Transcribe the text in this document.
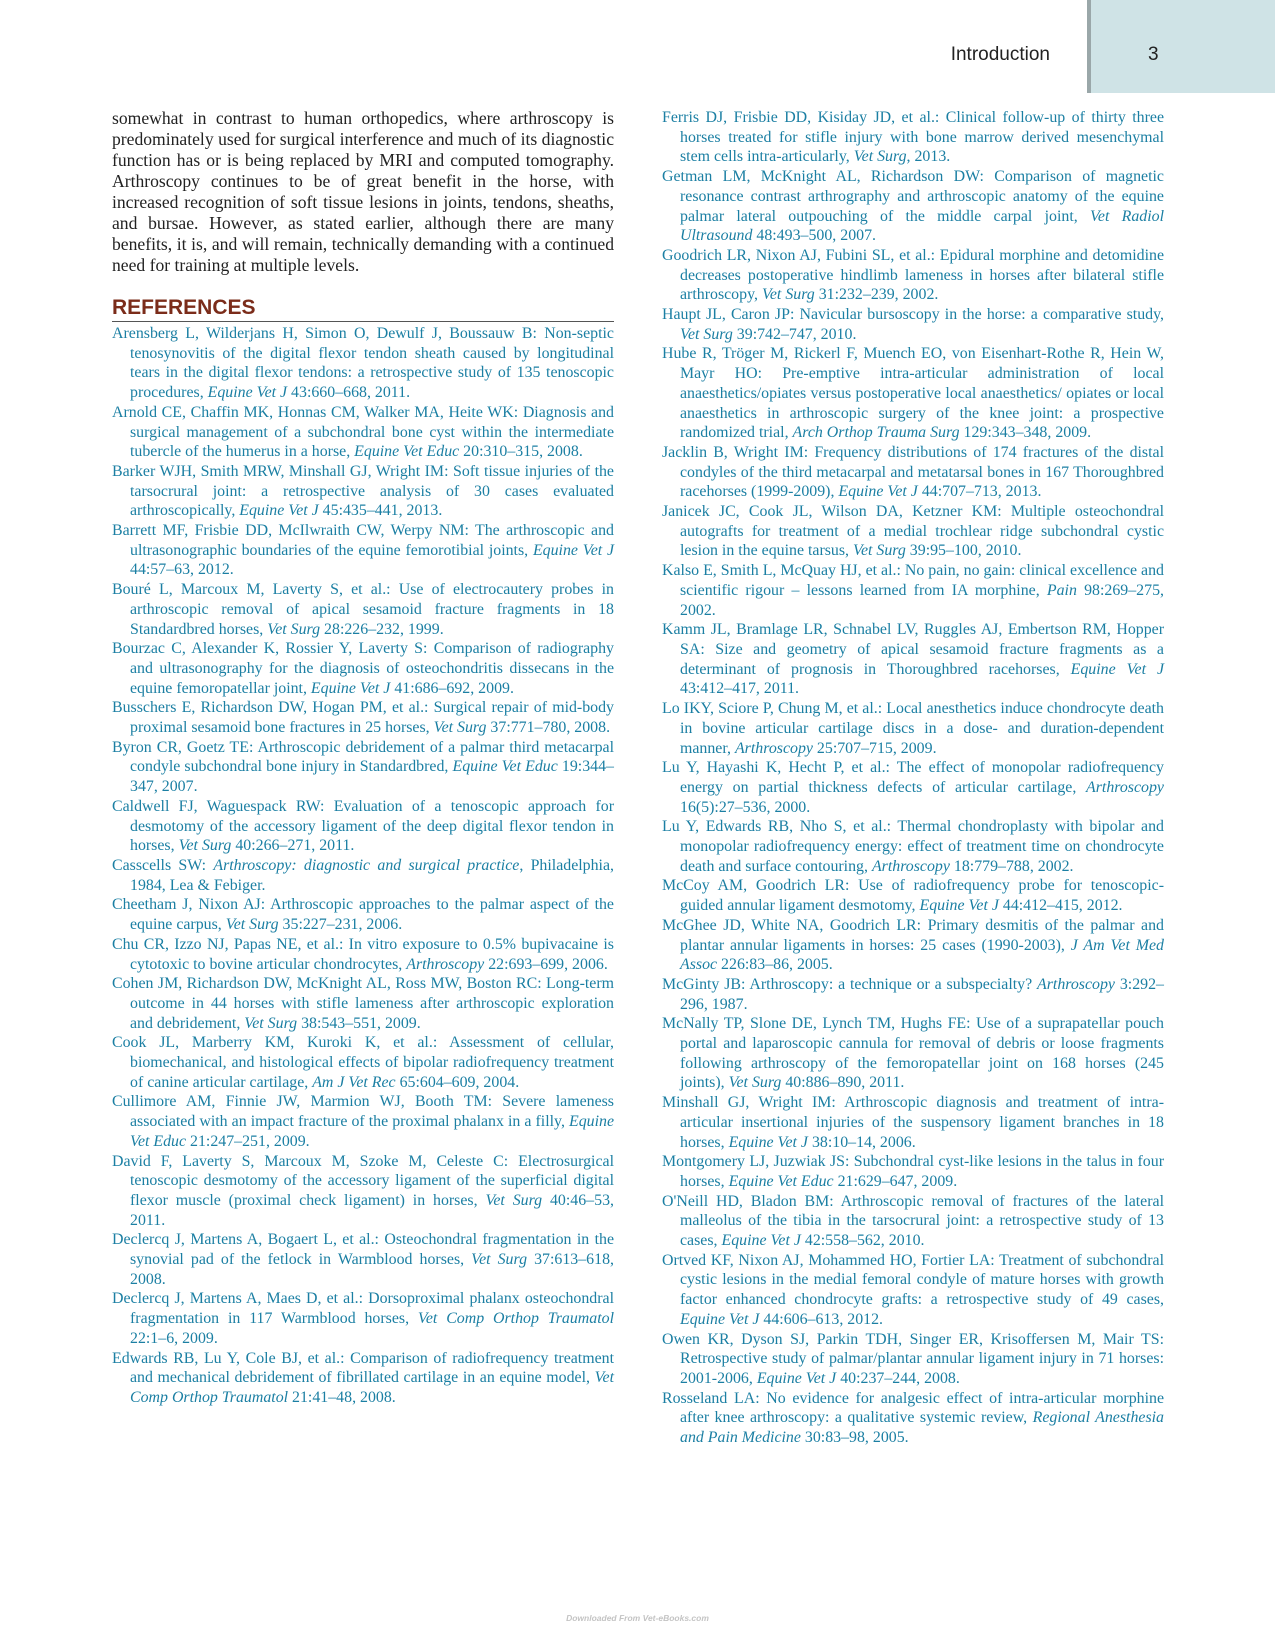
Introduction	3

somewhat in contrast to human orthopedics, where arthroscopy is predominately used for surgical interference and much of its diagnostic function has or is being replaced by MRI and computed tomography. Arthroscopy continues to be of great benefit in the horse, with increased recognition of soft tissue lesions in joints, tendons, sheaths, and bursae. However, as stated earlier, although there are many benefits, it is, and will remain, technically demanding with a continued need for training at multiple levels.

REFERENCES
Arensberg L, Wilderjans H, Simon O, Dewulf J, Boussauw B: Non-septic tenosynovitis of the digital flexor tendon sheath caused by longitudinal tears in the digital flexor tendons: a retrospective study of 135 tenoscopic procedures, Equine Vet J 43:660–668, 2011.
Arnold CE, Chaffin MK, Honnas CM, Walker MA, Heite WK: Diagnosis and surgical management of a subchondral bone cyst within the intermediate tubercle of the humerus in a horse, Equine Vet Educ 20:310–315, 2008.
Barker WJH, Smith MRW, Minshall GJ, Wright IM: Soft tissue injuries of the tarsocrural joint: a retrospective analysis of 30 cases evaluated arthroscopically, Equine Vet J 45:435–441, 2013.
Barrett MF, Frisbie DD, McIlwraith CW, Werpy NM: The arthroscopic and ultrasonographic boundaries of the equine femorotibial joints, Equine Vet J 44:57–63, 2012.
Bouré L, Marcoux M, Laverty S, et al.: Use of electrocautery probes in arthroscopic removal of apical sesamoid fracture fragments in 18 Standardbred horses, Vet Surg 28:226–232, 1999.
Bourzac C, Alexander K, Rossier Y, Laverty S: Comparison of radiography and ultrasonography for the diagnosis of osteochondritis dissecans in the equine femoropatellar joint, Equine Vet J 41:686–692, 2009.
Busschers E, Richardson DW, Hogan PM, et al.: Surgical repair of mid-body proximal sesamoid bone fractures in 25 horses, Vet Surg 37:771–780, 2008.
Byron CR, Goetz TE: Arthroscopic debridement of a palmar third metacarpal condyle subchondral bone injury in Standardbred, Equine Vet Educ 19:344–347, 2007.
Caldwell FJ, Waguespack RW: Evaluation of a tenoscopic approach for desmotomy of the accessory ligament of the deep digital flexor tendon in horses, Vet Surg 40:266–271, 2011.
Casscells SW: Arthroscopy: diagnostic and surgical practice, Philadelphia, 1984, Lea & Febiger.
Cheetham J, Nixon AJ: Arthroscopic approaches to the palmar aspect of the equine carpus, Vet Surg 35:227–231, 2006.
Chu CR, Izzo NJ, Papas NE, et al.: In vitro exposure to 0.5% bupivacaine is cytotoxic to bovine articular chondrocytes, Arthroscopy 22:693–699, 2006.
Cohen JM, Richardson DW, McKnight AL, Ross MW, Boston RC: Long-term outcome in 44 horses with stifle lameness after arthroscopic exploration and debridement, Vet Surg 38:543–551, 2009.
Cook JL, Marberry KM, Kuroki K, et al.: Assessment of cellular, biomechanical, and histological effects of bipolar radiofrequency treatment of canine articular cartilage, Am J Vet Rec 65:604–609, 2004.
Cullimore AM, Finnie JW, Marmion WJ, Booth TM: Severe lameness associated with an impact fracture of the proximal phalanx in a filly, Equine Vet Educ 21:247–251, 2009.
David F, Laverty S, Marcoux M, Szoke M, Celeste C: Electrosurgical tenoscopic desmotomy of the accessory ligament of the superficial digital flexor muscle (proximal check ligament) in horses, Vet Surg 40:46–53, 2011.
Declercq J, Martens A, Bogaert L, et al.: Osteochondral fragmentation in the synovial pad of the fetlock in Warmblood horses, Vet Surg 37:613–618, 2008.
Declercq J, Martens A, Maes D, et al.: Dorsoproximal phalanx osteochondral fragmentation in 117 Warmblood horses, Vet Comp Orthop Traumatol 22:1–6, 2009.
Edwards RB, Lu Y, Cole BJ, et al.: Comparison of radiofrequency treatment and mechanical debridement of fibrillated cartilage in an equine model, Vet Comp Orthop Traumatol 21:41–48, 2008.
Ferris DJ, Frisbie DD, Kisiday JD, et al.: Clinical follow-up of thirty three horses treated for stifle injury with bone marrow derived mesenchymal stem cells intra-articularly, Vet Surg, 2013.
Getman LM, McKnight AL, Richardson DW: Comparison of magnetic resonance contrast arthrography and arthroscopic anatomy of the equine palmar lateral outpouching of the middle carpal joint, Vet Radiol Ultrasound 48:493–500, 2007.
Goodrich LR, Nixon AJ, Fubini SL, et al.: Epidural morphine and detomidine decreases postoperative hindlimb lameness in horses after bilateral stifle arthroscopy, Vet Surg 31:232–239, 2002.
Haupt JL, Caron JP: Navicular bursoscopy in the horse: a comparative study, Vet Surg 39:742–747, 2010.
Hube R, Tröger M, Rickerl F, Muench EO, von Eisenhart-Rothe R, Hein W, Mayr HO: Pre-emptive intra-articular administration of local anaesthetics/opiates versus postoperative local anaesthetics/ opiates or local anaesthetics in arthroscopic surgery of the knee joint: a prospective randomized trial, Arch Orthop Trauma Surg 129:343–348, 2009.
Jacklin B, Wright IM: Frequency distributions of 174 fractures of the distal condyles of the third metacarpal and metatarsal bones in 167 Thoroughbred racehorses (1999-2009), Equine Vet J 44:707–713, 2013.
Janicek JC, Cook JL, Wilson DA, Ketzner KM: Multiple osteochondral autografts for treatment of a medial trochlear ridge subchondral cystic lesion in the equine tarsus, Vet Surg 39:95–100, 2010.
Kalso E, Smith L, McQuay HJ, et al.: No pain, no gain: clinical excellence and scientific rigour – lessons learned from IA morphine, Pain 98:269–275, 2002.
Kamm JL, Bramlage LR, Schnabel LV, Ruggles AJ, Embertson RM, Hopper SA: Size and geometry of apical sesamoid fracture fragments as a determinant of prognosis in Thoroughbred racehorses, Equine Vet J 43:412–417, 2011.
Lo IKY, Sciore P, Chung M, et al.: Local anesthetics induce chondrocyte death in bovine articular cartilage discs in a dose- and duration-dependent manner, Arthroscopy 25:707–715, 2009.
Lu Y, Hayashi K, Hecht P, et al.: The effect of monopolar radiofrequency energy on partial thickness defects of articular cartilage, Arthroscopy 16(5):27–536, 2000.
Lu Y, Edwards RB, Nho S, et al.: Thermal chondroplasty with bipolar and monopolar radiofrequency energy: effect of treatment time on chondrocyte death and surface contouring, Arthroscopy 18:779–788, 2002.
McCoy AM, Goodrich LR: Use of radiofrequency probe for tenoscopic-guided annular ligament desmotomy, Equine Vet J 44:412–415, 2012.
McGhee JD, White NA, Goodrich LR: Primary desmitis of the palmar and plantar annular ligaments in horses: 25 cases (1990-2003), J Am Vet Med Assoc 226:83–86, 2005.
McGinty JB: Arthroscopy: a technique or a subspecialty? Arthroscopy 3:292–296, 1987.
McNally TP, Slone DE, Lynch TM, Hughs FE: Use of a suprapatellar pouch portal and laparoscopic cannula for removal of debris or loose fragments following arthroscopy of the femoropatellar joint on 168 horses (245 joints), Vet Surg 40:886–890, 2011.
Minshall GJ, Wright IM: Arthroscopic diagnosis and treatment of intra-articular insertional injuries of the suspensory ligament branches in 18 horses, Equine Vet J 38:10–14, 2006.
Montgomery LJ, Juzwiak JS: Subchondral cyst-like lesions in the talus in four horses, Equine Vet Educ 21:629–647, 2009.
O'Neill HD, Bladon BM: Arthroscopic removal of fractures of the lateral malleolus of the tibia in the tarsocrural joint: a retrospective study of 13 cases, Equine Vet J 42:558–562, 2010.
Ortved KF, Nixon AJ, Mohammed HO, Fortier LA: Treatment of subchondral cystic lesions in the medial femoral condyle of mature horses with growth factor enhanced chondrocyte grafts: a retrospective study of 49 cases, Equine Vet J 44:606–613, 2012.
Owen KR, Dyson SJ, Parkin TDH, Singer ER, Krisoffersen M, Mair TS: Retrospective study of palmar/plantar annular ligament injury in 71 horses: 2001-2006, Equine Vet J 40:237–244, 2008.
Rosseland LA: No evidence for analgesic effect of intra-articular morphine after knee arthroscopy: a qualitative systemic review, Regional Anesthesia and Pain Medicine 30:83–98, 2005.
Downloaded From Vet-eBooks.com
